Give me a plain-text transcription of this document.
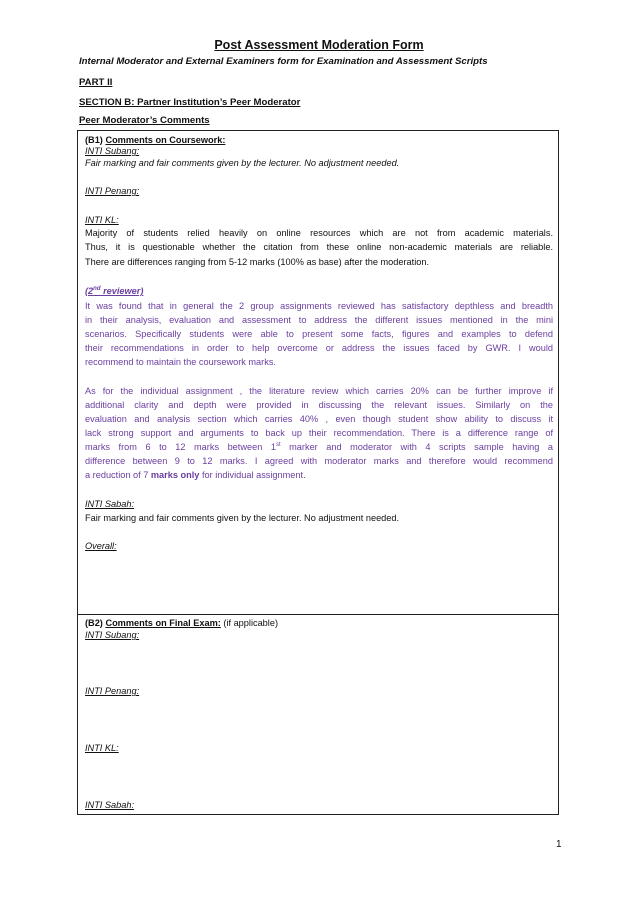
Post Assessment Moderation Form
Internal Moderator and External Examiners form for Examination and Assessment Scripts
PART II
SECTION B: Partner Institution’s Peer Moderator
Peer Moderator’s Comments
(B1) Comments on Coursework:
INTI Subang:
Fair marking and fair comments given by the lecturer. No adjustment needed.
INTI Penang:
INTI KL:
Majority of students relied heavily on online resources which are not from academic materials.
Thus, it is questionable whether the citation from these online non-academic materials are reliable.
There are differences ranging from 5-12 marks (100% as base) after the moderation.
(2nd reviewer)
It was found that in general the 2 group assignments reviewed has satisfactory depthless and breadth
in their analysis, evaluation and assessment to address the different issues mentioned in the mini
scenarios. Specifically students were able to present some facts, figures and examples to defend
their recommendations in order to help overcome or address the issues faced by GWR. I would
recommend to maintain the coursework marks.
As for the individual assignment , the literature review which carries 20% can be further improve if
additional clarity and depth were provided in discussing the relevant issues. Similarly on the
evaluation and analysis section which carries 40% , even though student show ability to discuss it
lack strong support and arguments to back up their recommendation. There is a difference range of
marks from 6 to 12 marks between 1st marker and moderator with 4 scripts sample having a
difference between 9 to 12 marks. I agreed with moderator marks and therefore would recommend
a reduction of 7 marks only for individual assignment.
INTI Sabah:
Fair marking and fair comments given by the lecturer. No adjustment needed.
Overall:
(B2) Comments on Final Exam: (if applicable)
INTI Subang:
INTI Penang:
INTI KL:
INTI Sabah:
1
